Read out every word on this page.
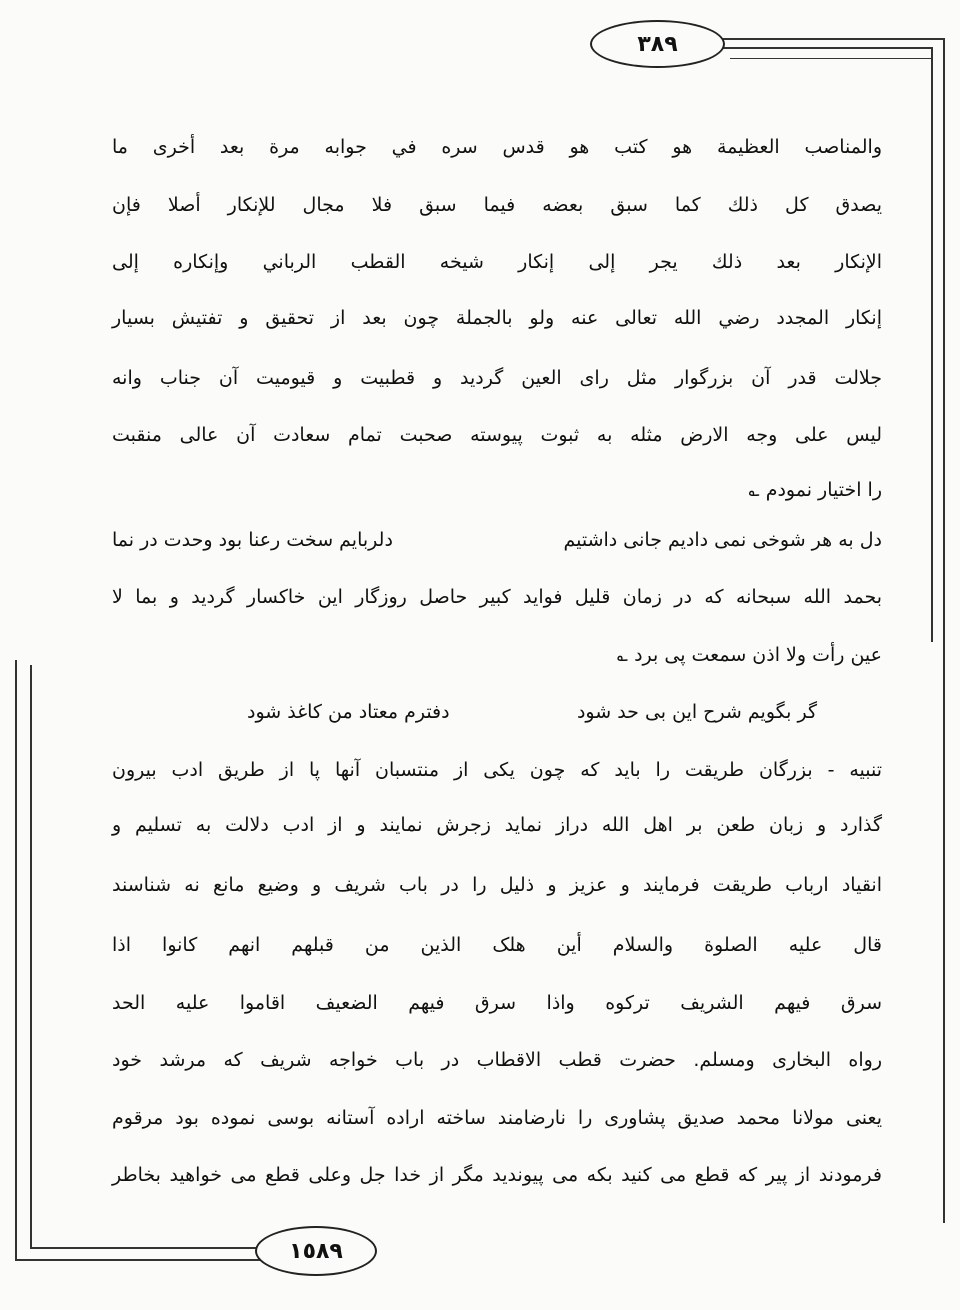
٣٨٩
١٥٨٩
والمناصب العظيمة هو كتب هو قدس سره في جوابه مرة بعد أخرى ما
يصدق كل ذلك كما سبق بعضه فيما سبق فلا مجال للإنكار أصلا فإن
الإنكار بعد ذلك يجر إلى إنكار شيخه القطب الرباني وإنكاره إلى
إنكار المجدد رضي الله تعالى عنه ولو بالجملة چون بعد از تحقیق و تفتیش بسیار
جلالت قدر آن بزرگوار مثل رای العین گردید و قطبیت و قیومیت آن جناب وانه
لیس علی وجه الارض مثله به ثبوت پیوسته صحبت تمام سعادت آن عالی منقبت
را اختیار نمودم ؎
دل به هر شوخی نمی دادیم جانی داشتیم
دلربایم سخت رعنا بود وحدت در نما
بحمد الله سبحانه که در زمان قلیل فواید کبیر حاصل روزگار این خاکسار گردید و بما لا
عین رأت ولا اذن سمعت پی برد ؎
گر بگویم شرح این بی حد شود
دفترم معتاد من کاغذ شود
تنبیه - بزرگان طریقت را باید که چون یکی از منتسبان آنها پا از طریق ادب بیرون
گذارد و زبان طعن بر اهل الله دراز نماید زجرش نمایند و از ادب دلالت به تسلیم و
انقیاد ارباب طریقت فرمایند و عزیز و ذلیل را در باب شریف و وضیع مانع نه شناسند
قال علیه الصلوة والسلام أین هلک الذین من قبلهم انهم کانوا اذا
سرق فیهم الشریف ترکوه واذا سرق فیهم الضعیف اقاموا علیه الحد
رواه البخاری ومسلم. حضرت قطب الاقطاب در باب خواجه شریف که مرشد خود
یعنی مولانا محمد صدیق پشاوری را نارضامند ساخته اراده آستانه بوسی نموده بود مرقوم
فرمودند از پیر که قطع می کنید بکه می پیوندید مگر از خدا جل وعلی قطع می خواهید بخاطر
